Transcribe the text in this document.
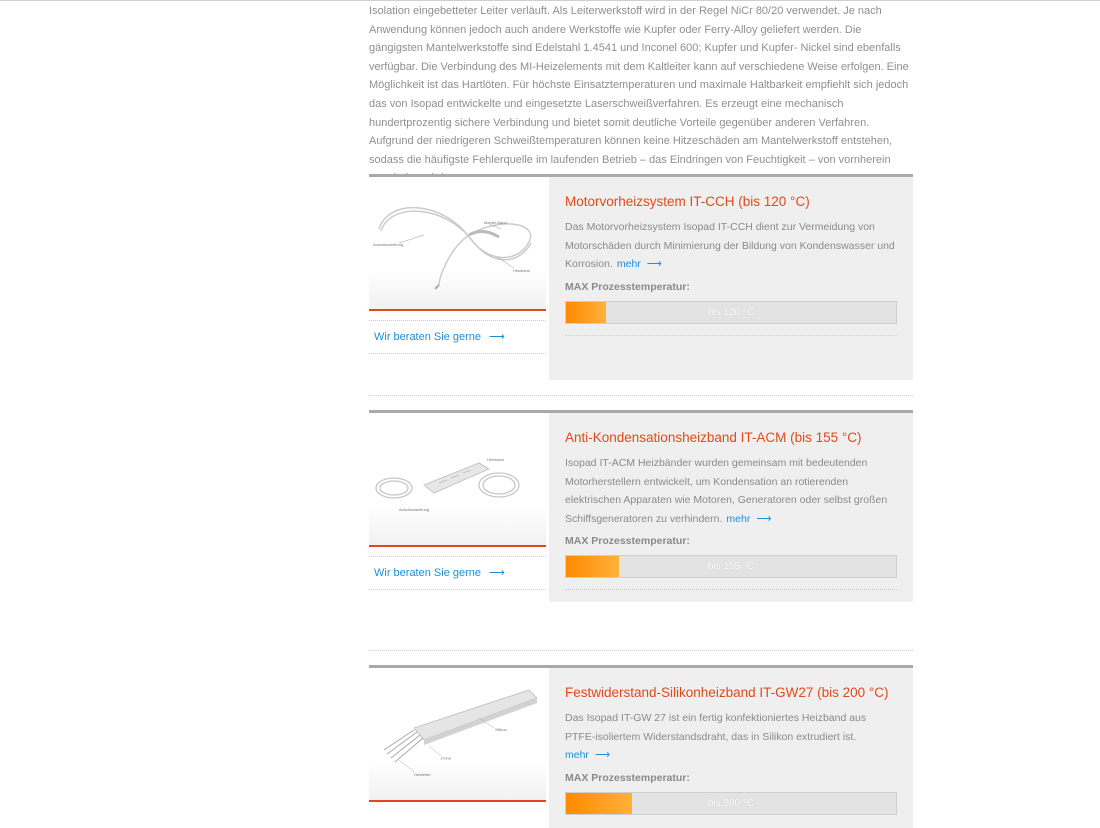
Isolation eingebetteter Leiter verläuft. Als Leiterwerkstoff wird in der Regel NiCr 80/20 verwendet. Je nach Anwendung können jedoch auch andere Werkstoffe wie Kupfer oder Ferry-Alloy geliefert werden. Die gängigsten Mantelwerkstoffe sind Edelstahl 1.4541 und Inconel 600; Kupfer und Kupfer- Nickel sind ebenfalls verfügbar. Die Verbindung des MI-Heizelements mit dem Kaltleiter kann auf verschiedene Weise erfolgen. Eine Möglichkeit ist das Hartlöten. Für höchste Einsatztemperaturen und maximale Haltbarkeit empfiehlt sich jedoch das von Isopad entwickelte und eingesetzte Laserschweißverfahren. Es erzeugt eine mechanisch hundertprozentig sichere Verbindung und bietet somit deutliche Vorteile gegenüber anderen Verfahren. Aufgrund der niedrigeren Schweißtemperaturen können keine Hitzeschäden am Mantelwerkstoff entstehen, sodass die häufigste Fehlerquelle im laufenden Betrieb – das Eindringen von Feuchtigkeit – von vornherein

Anschlussleitung
Mantel-Band
Heizband
Wir beraten Sie gerne ⟶
Motorvorheizsystem IT-CCH (bis 120 °C)

Das Motorvorheizsystem Isopad IT-CCH dient zur Vermeidung von Motorschäden durch Minimierung der Bildung von Kondenswasser und Korrosion. mehr ⟶

MAX Prozesstemperatur:
bis 120 °C
Anschlussleitung
Heizband
Wir beraten Sie gerne ⟶
Anti-Kondensationsheizband IT-ACM (bis 155 °C)

Isopad IT-ACM Heizbänder wurden gemeinsam mit bedeutenden Motorherstellern entwickelt, um Kondensation an rotierenden elektrischen Apparaten wie Motoren, Generatoren oder selbst großen Schiffsgeneratoren zu verhindern. mehr ⟶

MAX Prozesstemperatur:
bis 155 °C
Silikon
PTFE
Heizleiter
Festwiderstand-Silikonheizband IT-GW27 (bis 200 °C)

Das Isopad IT-GW 27 ist ein fertig konfektioniertes Heizband aus PTFE-isoliertem Widerstandsdraht, das in Silikon extrudiert ist.
mehr ⟶

MAX Prozesstemperatur:
bis 200 °C
